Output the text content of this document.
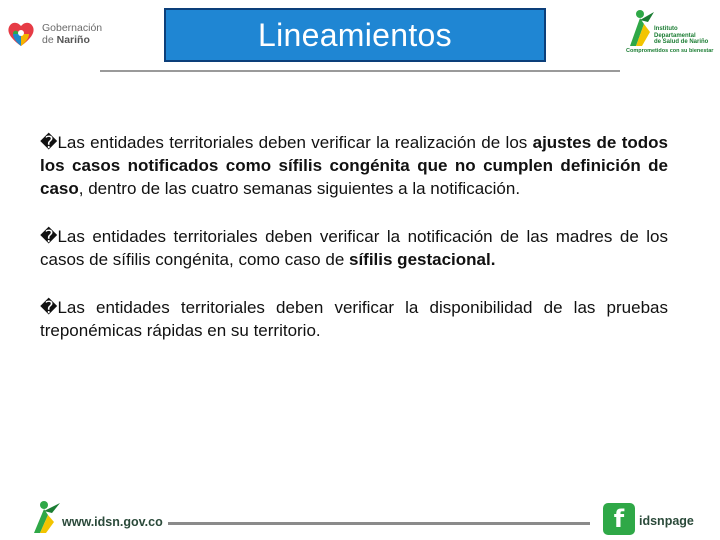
Gobernación
de Nariño	Lineamientos	Instituto
Departamental
de Salud de Nariño
Comprometidos con su bienestar

�Las entidades territoriales deben verificar la realización de los ajustes de todos los casos notificados como sífilis congénita que no cumplen definición de caso, dentro de las cuatro semanas siguientes a la notificación.

�Las entidades territoriales deben verificar la notificación de las madres de los casos de sífilis congénita, como caso de sífilis gestacional.

�Las entidades territoriales deben verificar la disponibilidad de las pruebas treponémicas rápidas en su territorio.

www.idsn.gov.co	f idsnpage
